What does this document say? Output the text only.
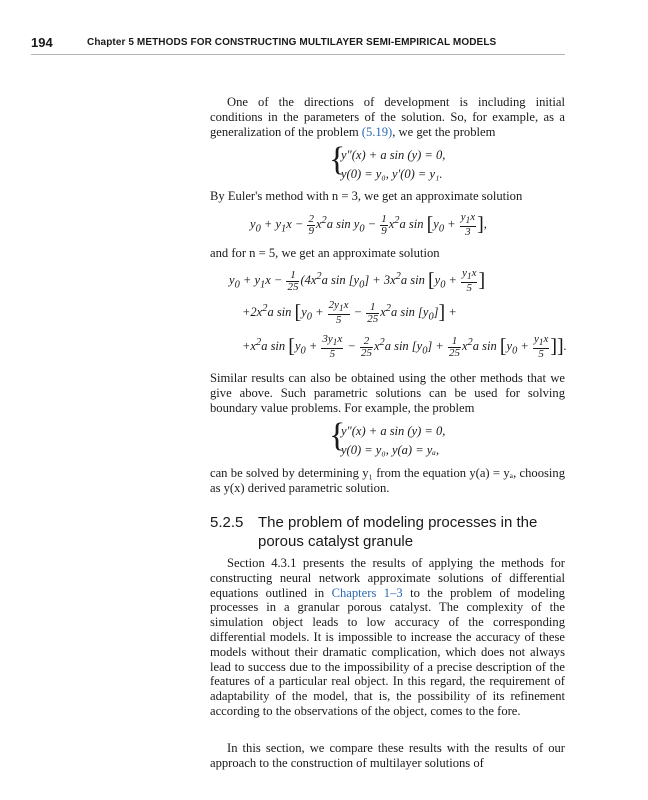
194	Chapter 5 METHODS FOR CONSTRUCTING MULTILAYER SEMI-EMPIRICAL MODELS
One of the directions of development is including initial conditions in the parameters of the solution. So, for example, as a generalization of the problem (5.19), we get the problem
{
y″(x) + a sin (y) = 0,
y(0) = y₀, y′(0) = y₁.
By Euler's method with n = 3, we get an approximate solution
$y_0 + y_1x - \frac{2}{9} x^2a$ $\sin y_0 - \frac{1}{9} x^2a$ $\sin [y_0 + \frac{y_1x}{3}$ ],
and for n = 5, we get an approximate solution
$y_0 + y_1x - \frac{1}{25} (4x^2a$ $\sin [y_0] + 3x^2a$ $\sin [y_0 + \frac{y_1x}{5}$ ]
$+2x^2a$ $\sin [y_0 + \frac{2y_1x}{5} - \frac{1}{25} x^2a$ $\sin [y_0]$] +
$+x^2a$ $\sin [y_0 + \frac{3y_1x}{5} - \frac{2}{25} x^2a$ $\sin [y_0] + \frac{1}{25} x^2a$ $\sin [y_0 + \frac{y_1x}{5}$ ]].
Similar results can also be obtained using the other methods that we give above. Such parametric solutions can be used for solving boundary value problems. For example, the problem
{
y″(x) + a sin (y) = 0,
y(0) = y₀, y(a) = yₐ,
can be solved by determining y₁ from the equation y(a) = yₐ, choosing as y(x) derived parametric solution.
5.2.5 The problem of modeling processes in the
porous catalyst granule
Section 4.3.1 presents the results of applying the methods for constructing neural network approximate solutions of differential equations outlined in Chapters 1–3 to the problem of modeling processes in a granular porous catalyst. The complexity of the simulation object leads to low accuracy of the corresponding differential models. It is impossible to increase the accuracy of these models without their dramatic complication, which does not always lead to success due to the impossibility of a precise description of the features of a particular real object. In this regard, the requirement of adaptability of the model, that is, the possibility of its refinement according to the observations of the object, comes to the fore.
In this section, we compare these results with the results of our approach to the construction of multilayer solutions of
